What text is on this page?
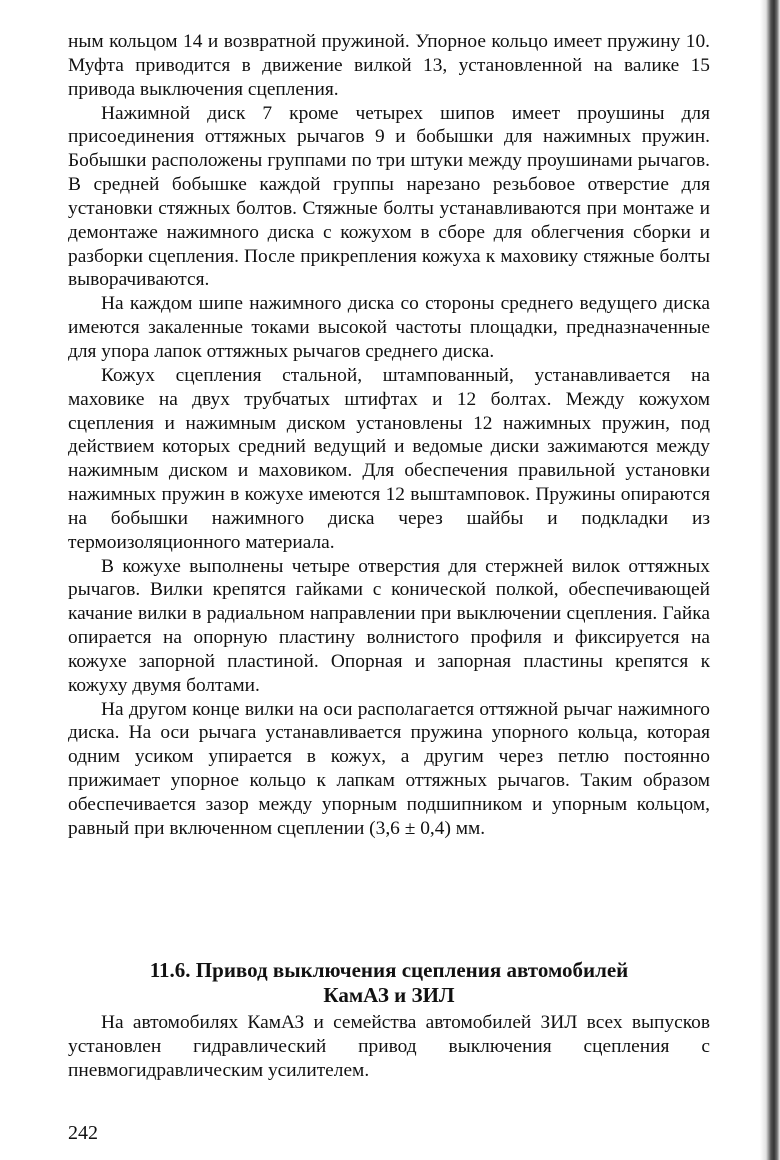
ным кольцом 14 и возвратной пружиной. Упорное кольцо имеет пружину 10. Муфта приводится в движение вилкой 13, установленной на валике 15 привода выключения сцепления.

Нажимной диск 7 кроме четырех шипов имеет проушины для присоединения оттяжных рычагов 9 и бобышки для нажимных пружин. Бобышки расположены группами по три штуки между проушинами рычагов. В средней бобышке каждой группы нарезано резьбовое отверстие для установки стяжных болтов. Стяжные болты устанавливаются при монтаже и демонтаже нажимного диска с кожухом в сборе для облегчения сборки и разборки сцепления. После прикрепления кожуха к маховику стяжные болты выворачиваются.

На каждом шипе нажимного диска со стороны среднего ведущего диска имеются закаленные токами высокой частоты площадки, предназначенные для упора лапок оттяжных рычагов среднего диска.

Кожух сцепления стальной, штампованный, устанавливается на маховике на двух трубчатых штифтах и 12 болтах. Между кожухом сцепления и нажимным диском установлены 12 нажимных пружин, под действием которых средний ведущий и ведомые диски зажимаются между нажимным диском и маховиком. Для обеспечения правильной установки нажимных пружин в кожухе имеются 12 выштамповок. Пружины опираются на бобышки нажимного диска через шайбы и подкладки из термоизоляционного материала.

В кожухе выполнены четыре отверстия для стержней вилок оттяжных рычагов. Вилки крепятся гайками с конической полкой, обеспечивающей качание вилки в радиальном направлении при выключении сцепления. Гайка опирается на опорную пластину волнистого профиля и фиксируется на кожухе запорной пластиной. Опорная и запорная пластины крепятся к кожуху двумя болтами.

На другом конце вилки на оси располагается оттяжной рычаг нажимного диска. На оси рычага устанавливается пружина упорного кольца, которая одним усиком упирается в кожух, а другим через петлю постоянно прижимает упорное кольцо к лапкам оттяжных рычагов. Таким образом обеспечивается зазор между упорным подшипником и упорным кольцом, равный при включенном сцеплении (3,6 ± 0,4) мм.

11.6. Привод выключения сцепления автомобилей
КамАЗ и ЗИЛ

На автомобилях КамАЗ и семейства автомобилей ЗИЛ всех выпусков установлен гидравлический привод выключения сцепления с пневмогидравлическим усилителем.

242
